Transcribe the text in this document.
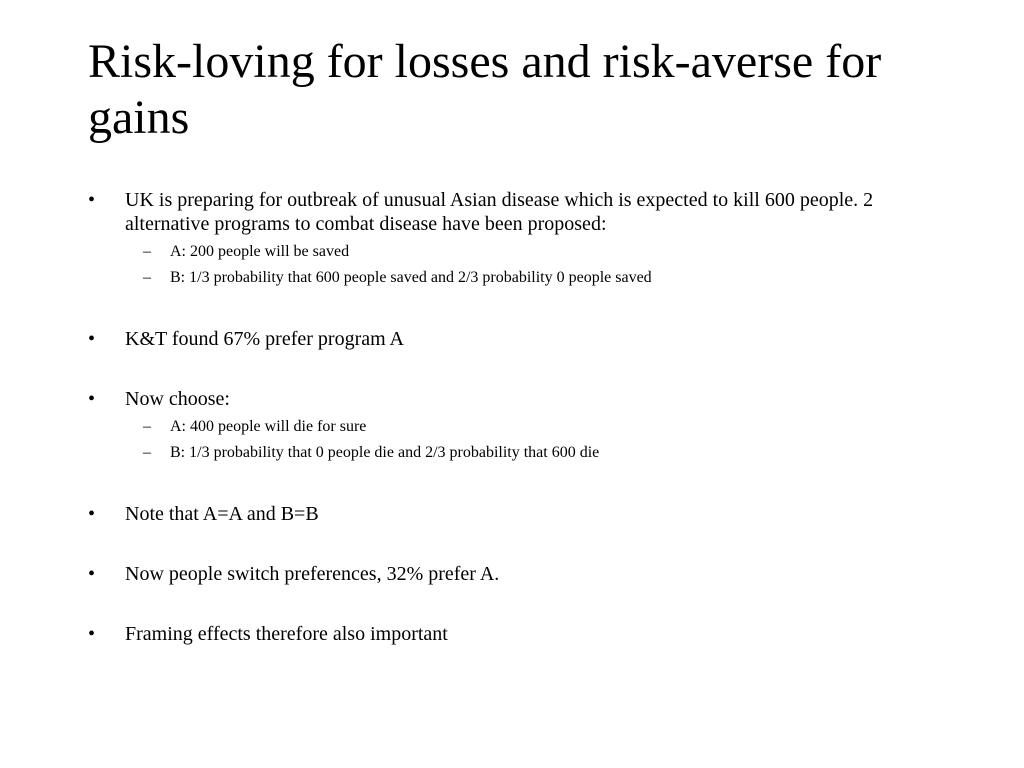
Risk-loving for losses and risk-averse for gains
• UK is preparing for outbreak of unusual Asian disease which is expected to kill 600 people. 2 alternative programs to combat disease have been proposed:
– A: 200 people will be saved
– B: 1/3 probability that 600 people saved and 2/3 probability 0 people saved
• K&T found 67% prefer program A
• Now choose:
– A: 400 people will die for sure
– B: 1/3 probability that 0 people die and 2/3 probability that 600 die
• Note that A=A and B=B
• Now people switch preferences, 32% prefer A.
• Framing effects therefore also important
